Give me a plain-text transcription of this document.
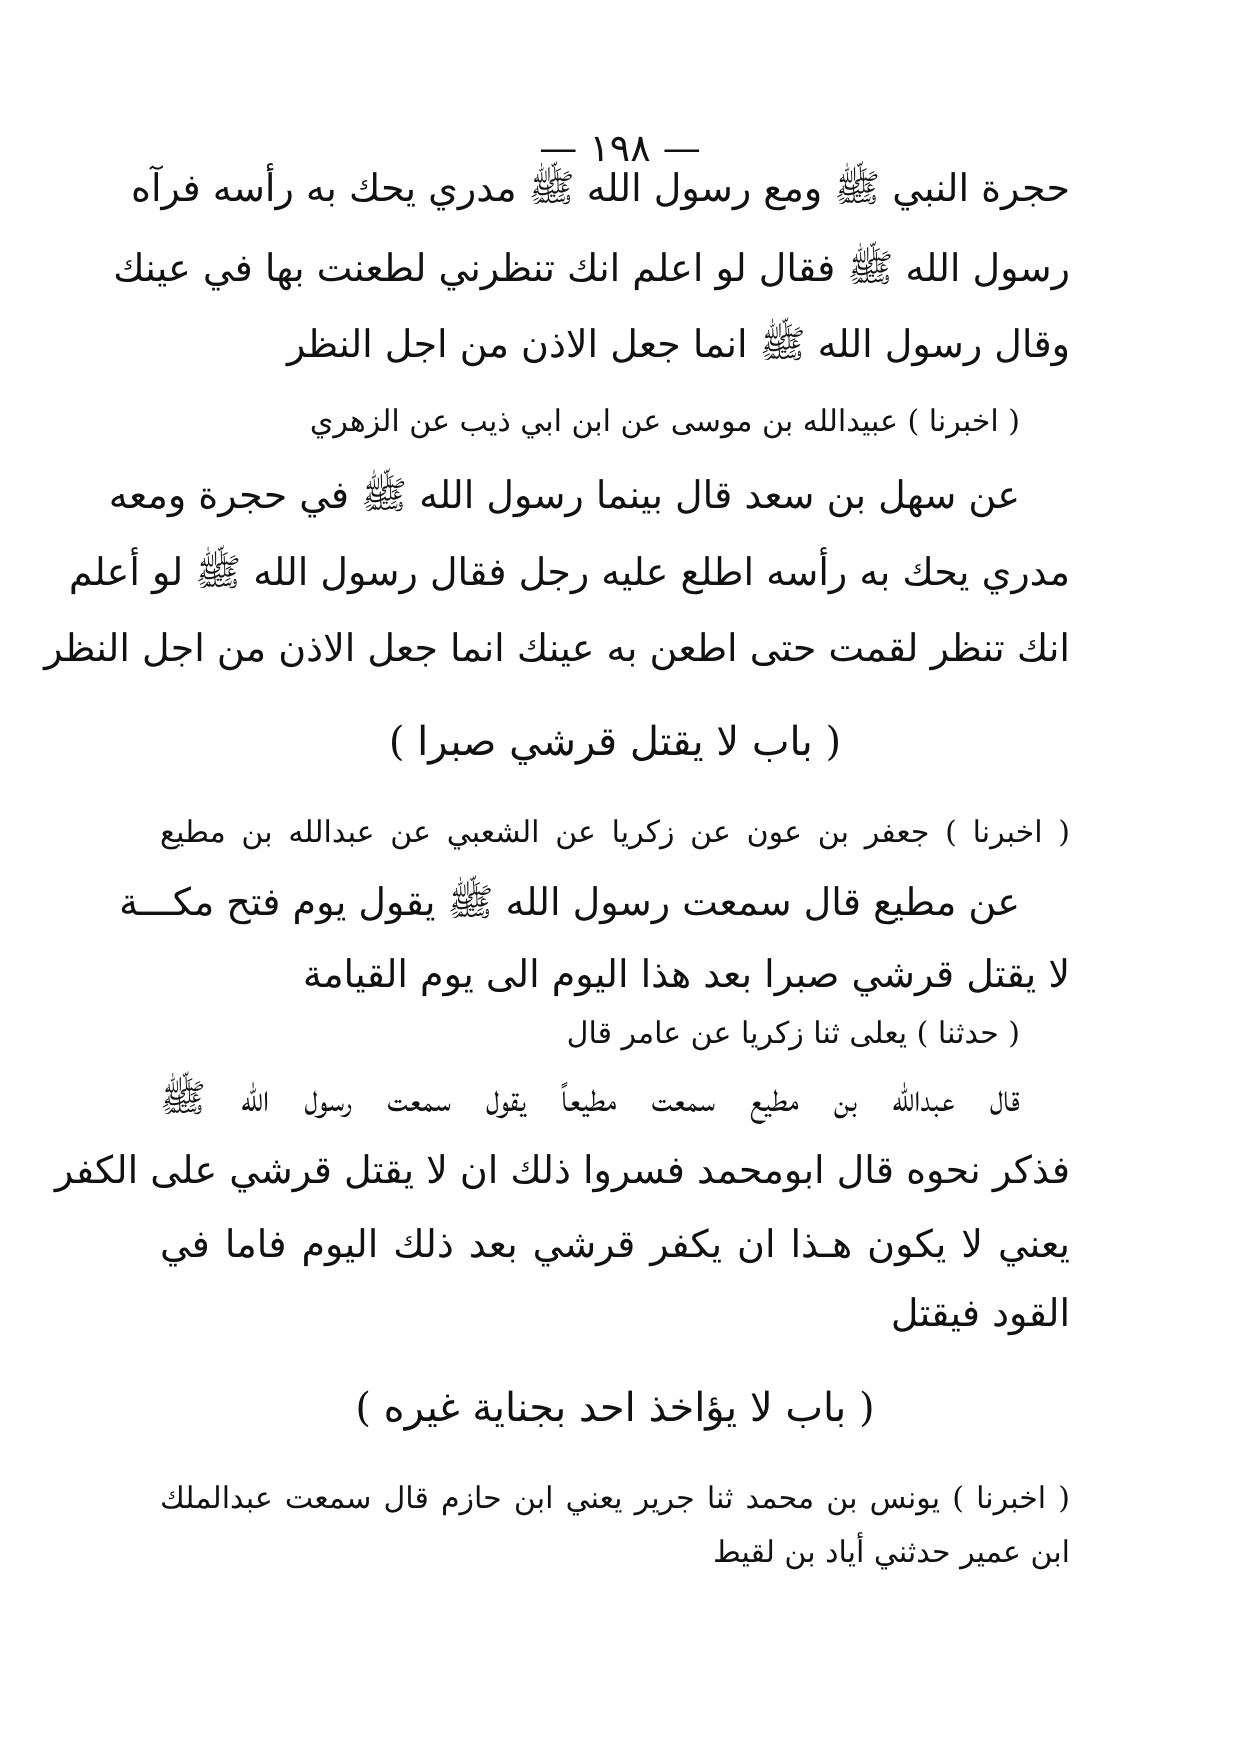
— ١٩٨ —
حجرة النبي ﷺ ومع رسول الله ﷺ مدري يحك به رأسه فرآه
رسول الله ﷺ فقال لو اعلم انك تنظرني لطعنت بها في عينك
وقال رسول الله ﷺ انما جعل الاذن من اجل النظر
( اخبرنا ) عبيدالله بن موسى عن ابن ابي ذيب عن الزهري
عن سهل بن سعد قال بينما رسول الله ﷺ في حجرة ومعه
مدري يحك به رأسه اطلع عليه رجل فقال رسول الله ﷺ لو أعلم
انك تنظر لقمت حتى اطعن به عينك انما جعل الاذن من اجل النظر
( باب لا يقتل قرشي صبرا )
( اخبرنا ) جعفر بن عون عن زكريا عن الشعبي عن عبدالله بن مطيع
عن مطيع قال سمعت رسول الله ﷺ يقول يوم فتح مكـــة
لا يقتل قرشي صبرا بعد هذا اليوم الى يوم القيامة
( حدثنا ) يعلى ثنا زكريا عن عامر قال
قال عبدالله بن مطيع سمعت مطيعاً يقول سمعت رسول الله ﷺ
فذكر نحوه قال ابومحمد فسروا ذلك ان لا يقتل قرشي على الكفر
يعني لا يكون هـذا ان يكفر قرشي بعد ذلك اليوم فاما في
القود فيقتل
( باب لا يؤاخذ احد بجناية غيره )
( اخبرنا ) يونس بن محمد ثنا جرير يعني ابن حازم قال سمعت عبدالملك
ابن عمير حدثني أياد بن لقيط
